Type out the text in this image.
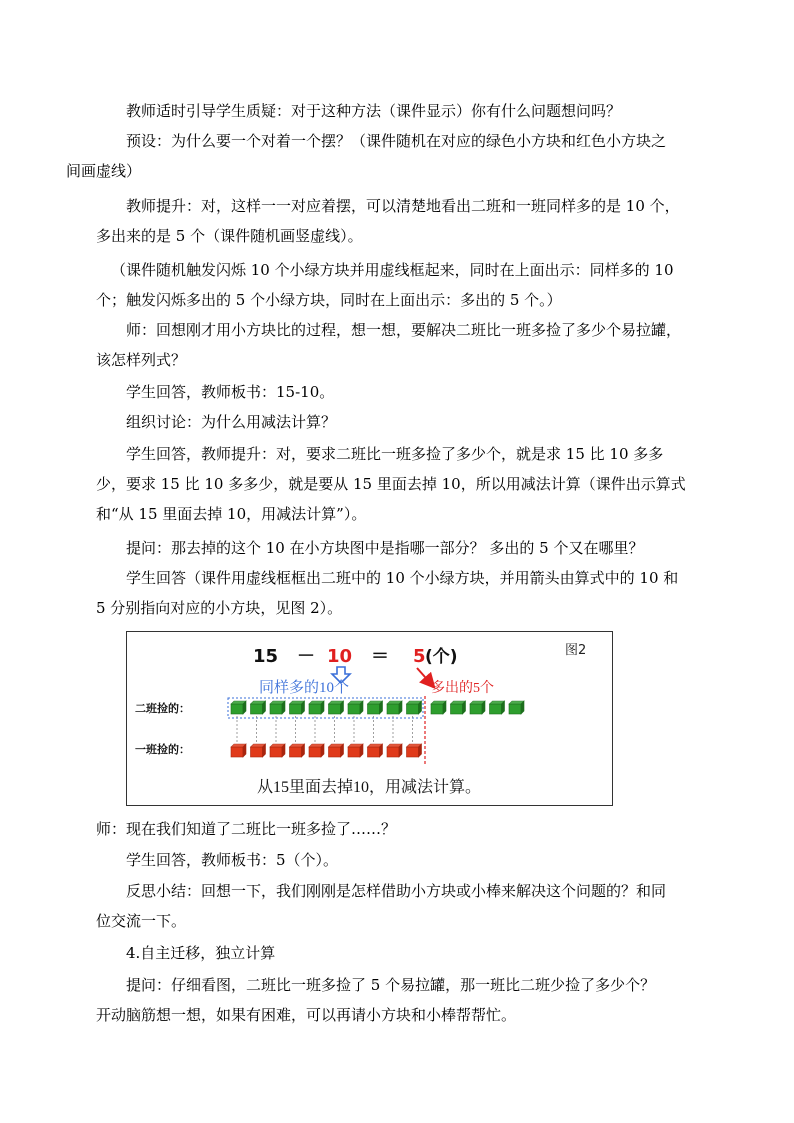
教师适时引导学生质疑：对于这种方法（课件显示）你有什么问题想问吗？

预设：为什么要一个对着一个摆？（课件随机在对应的绿色小方块和红色小方块之
间画虚线）

教师提升：对，这样一一对应着摆，可以清楚地看出二班和一班同样多的是 10 个，
多出来的是 5 个（课件随机画竖虚线）。

（课件随机触发闪烁 10 个小绿方块并用虚线框起来，同时在上面出示：同样多的 10
个；触发闪烁多出的 5 个小绿方块，同时在上面出示：多出的 5 个。）

师：回想刚才用小方块比的过程，想一想，要解决二班比一班多捡了多少个易拉罐，
该怎样列式？

学生回答，教师板书：15-10。

组织讨论：为什么用减法计算？

学生回答，教师提升：对，要求二班比一班多捡了多少个，就是求 15 比 10 多多
少，要求 15 比 10 多多少，就是要从 15 里面去掉 10，所以用减法计算（课件出示算式
和“从 15 里面去掉 10，用减法计算”）。

提问：那去掉的这个 10 在小方块图中是指哪一部分？ 多出的 5 个又在哪里？

学生回答（课件用虚线框框出二班中的 10 个小绿方块，并用箭头由算式中的 10 和
5 分别指向对应的小方块，见图 2）。

图2
15 － 10 ＝ 5 (个)
同样多的10个	多出的5个
二班捡的：
一班捡的：
从15里面去掉10，用减法计算。

师：现在我们知道了二班比一班多捡了……？

学生回答，教师板书：5（个）。

反思小结：回想一下，我们刚刚是怎样借助小方块或小棒来解决这个问题的？和同
位交流一下。

4.自主迁移，独立计算

提问：仔细看图，二班比一班多捡了 5 个易拉罐，那一班比二班少捡了多少个？
开动脑筋想一想，如果有困难，可以再请小方块和小棒帮帮忙。
